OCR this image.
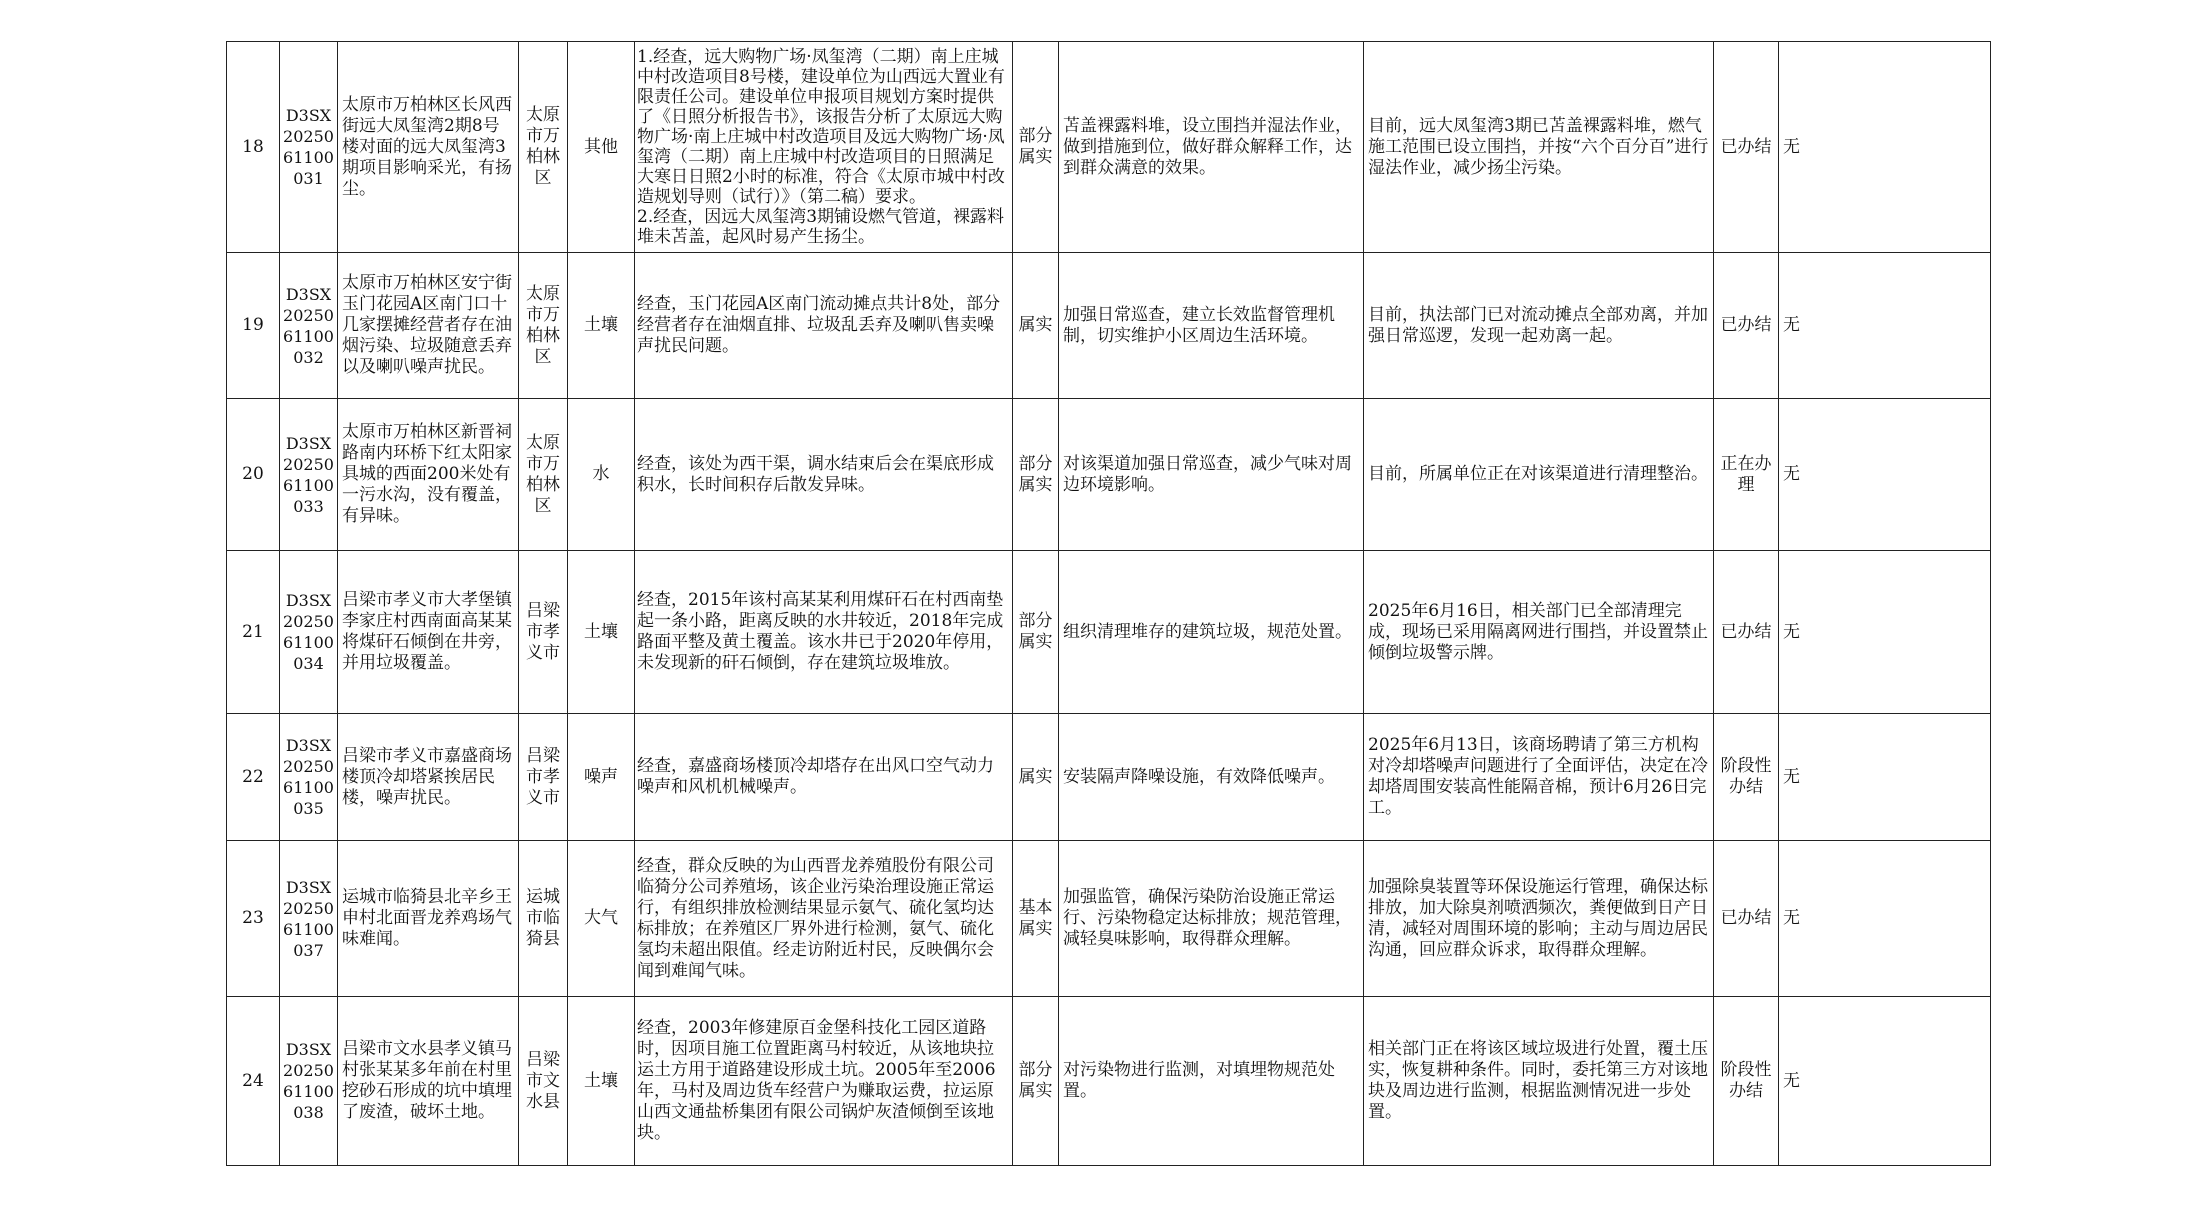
18	D3SX2025061100031	太原市万柏林区长风西街远大凤玺湾2期8号楼对面的远大凤玺湾3期项目影响采光，有扬尘。	太原市万柏林区	其他	1.经查，远大购物广场·凤玺湾（二期）南上庄城中村改造项目8号楼，建设单位为山西远大置业有限责任公司。建设单位申报项目规划方案时提供了《日照分析报告书》，该报告分析了太原远大购物广场·南上庄城中村改造项目及远大购物广场·凤玺湾（二期）南上庄城中村改造项目的日照满足大寒日日照2小时的标准，符合《太原市城中村改造规划导则（试行）》（第二稿）要求。
2.经查，因远大凤玺湾3期铺设燃气管道，裸露料堆未苫盖，起风时易产生扬尘。	部分属实	苫盖裸露料堆，设立围挡并湿法作业，做到措施到位，做好群众解释工作，达到群众满意的效果。	目前，远大凤玺湾3期已苫盖裸露料堆，燃气施工范围已设立围挡，并按“六个百分百”进行湿法作业，减少扬尘污染。	已办结	无
19	D3SX2025061100032	太原市万柏林区安宁街玉门花园A区南门口十几家摆摊经营者存在油烟污染、垃圾随意丢弃以及喇叭噪声扰民。	太原市万柏林区	土壤	经查，玉门花园A区南门流动摊点共计8处，部分经营者存在油烟直排、垃圾乱丢弃及喇叭售卖噪声扰民问题。	属实	加强日常巡查，建立长效监督管理机制，切实维护小区周边生活环境。	目前，执法部门已对流动摊点全部劝离，并加强日常巡逻，发现一起劝离一起。	已办结	无
20	D3SX2025061100033	太原市万柏林区新晋祠路南内环桥下红太阳家具城的西面200米处有一污水沟，没有覆盖，有异味。	太原市万柏林区	水	经查，该处为西干渠，调水结束后会在渠底形成积水，长时间积存后散发异味。	部分属实	对该渠道加强日常巡查，减少气味对周边环境影响。	目前，所属单位正在对该渠道进行清理整治。	正在办理	无
21	D3SX2025061100034	吕梁市孝义市大孝堡镇李家庄村西南面高某某将煤矸石倾倒在井旁，并用垃圾覆盖。	吕梁市孝义市	土壤	经查，2015年该村高某某利用煤矸石在村西南垫起一条小路，距离反映的水井较近，2018年完成路面平整及黄土覆盖。该水井已于2020年停用，未发现新的矸石倾倒，存在建筑垃圾堆放。	部分属实	组织清理堆存的建筑垃圾，规范处置。	2025年6月16日，相关部门已全部清理完成，现场已采用隔离网进行围挡，并设置禁止倾倒垃圾警示牌。	已办结	无
22	D3SX2025061100035	吕梁市孝义市嘉盛商场楼顶冷却塔紧挨居民楼，噪声扰民。	吕梁市孝义市	噪声	经查，嘉盛商场楼顶冷却塔存在出风口空气动力噪声和风机机械噪声。	属实	安装隔声降噪设施，有效降低噪声。	2025年6月13日，该商场聘请了第三方机构对冷却塔噪声问题进行了全面评估，决定在冷却塔周围安装高性能隔音棉，预计6月26日完工。	阶段性办结	无
23	D3SX2025061100037	运城市临猗县北辛乡王申村北面晋龙养鸡场气味难闻。	运城市临猗县	大气	经查，群众反映的为山西晋龙养殖股份有限公司临猗分公司养殖场，该企业污染治理设施正常运行，有组织排放检测结果显示氨气、硫化氢均达标排放；在养殖区厂界外进行检测，氨气、硫化氢均未超出限值。经走访附近村民，反映偶尔会闻到难闻气味。	基本属实	加强监管，确保污染防治设施正常运行、污染物稳定达标排放；规范管理，减轻臭味影响，取得群众理解。	加强除臭装置等环保设施运行管理，确保达标排放，加大除臭剂喷洒频次，粪便做到日产日清，减轻对周围环境的影响；主动与周边居民沟通，回应群众诉求，取得群众理解。	已办结	无
24	D3SX2025061100038	吕梁市文水县孝义镇马村张某某多年前在村里挖砂石形成的坑中填埋了废渣，破坏土地。	吕梁市文水县	土壤	经查，2003年修建原百金堡科技化工园区道路时，因项目施工位置距离马村较近，从该地块拉运土方用于道路建设形成土坑。2005年至2006年，马村及周边货车经营户为赚取运费，拉运原山西文通盐桥集团有限公司锅炉灰渣倾倒至该地块。	部分属实	对污染物进行监测，对填埋物规范处置。	相关部门正在将该区域垃圾进行处置，覆土压实，恢复耕种条件。同时，委托第三方对该地块及周边进行监测，根据监测情况进一步处置。	阶段性办结	无
